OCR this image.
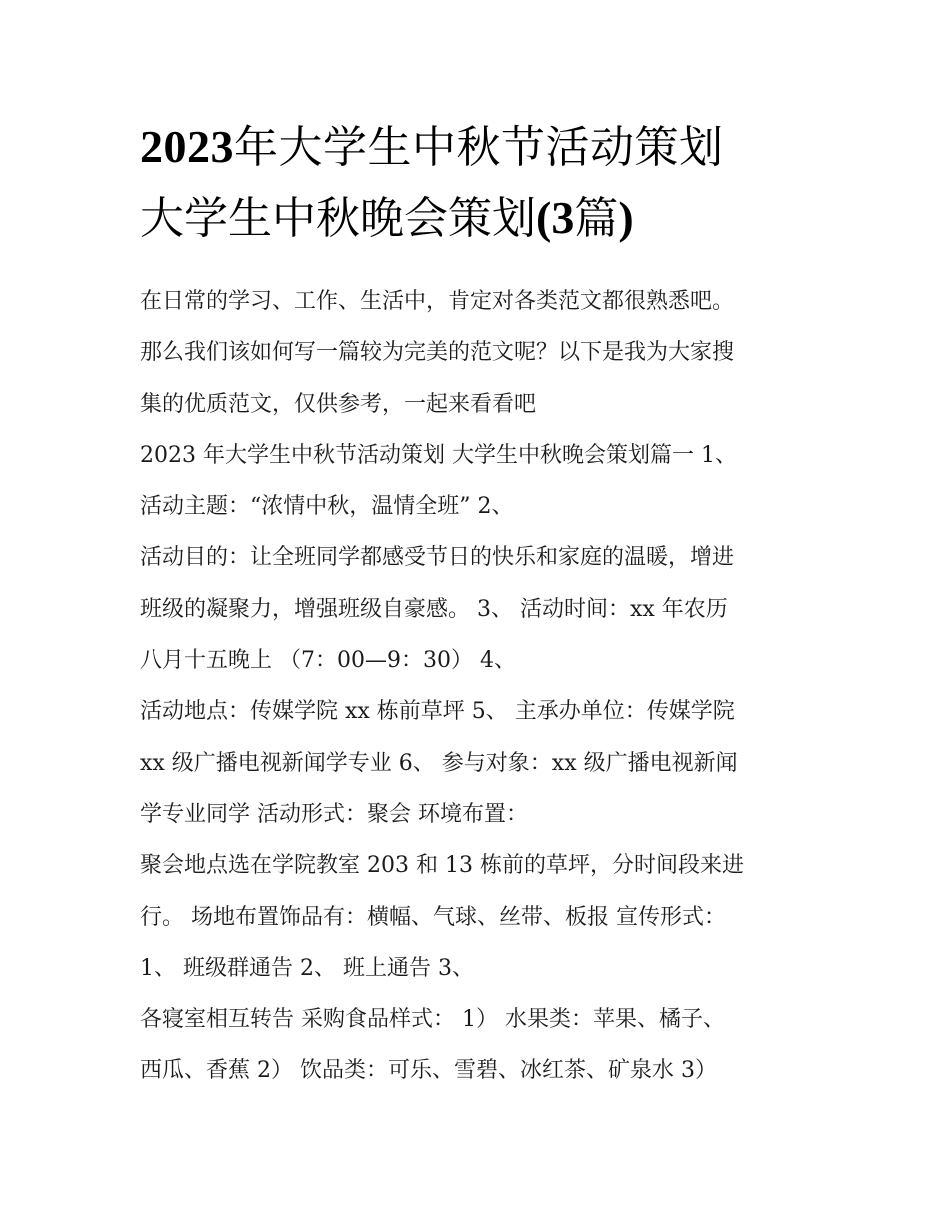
2023年大学生中秋节活动策划
大学生中秋晚会策划(3篇)
在日常的学习、工作、生活中，肯定对各类范文都很熟悉吧。
那么我们该如何写一篇较为完美的范文呢？以下是我为大家搜
集的优质范文，仅供参考，一起来看看吧
2023 年大学生中秋节活动策划 大学生中秋晚会策划篇一 1、
活动主题：“浓情中秋，温情全班” 2、
活动目的：让全班同学都感受节日的快乐和家庭的温暖，增进
班级的凝聚力，增强班级自豪感。 3、 活动时间：xx 年农历
八月十五晚上 （7：00—9：30） 4、
活动地点：传媒学院 xx 栋前草坪 5、 主承办单位：传媒学院
xx 级广播电视新闻学专业 6、 参与对象：xx 级广播电视新闻
学专业同学 活动形式：聚会 环境布置：
聚会地点选在学院教室 203 和 13 栋前的草坪，分时间段来进
行。 场地布置饰品有：横幅、气球、丝带、板报 宣传形式：
1、 班级群通告 2、 班上通告 3、
各寝室相互转告 采购食品样式： 1） 水果类：苹果、橘子、
西瓜、香蕉 2） 饮品类：可乐、雪碧、冰红茶、矿泉水 3）
